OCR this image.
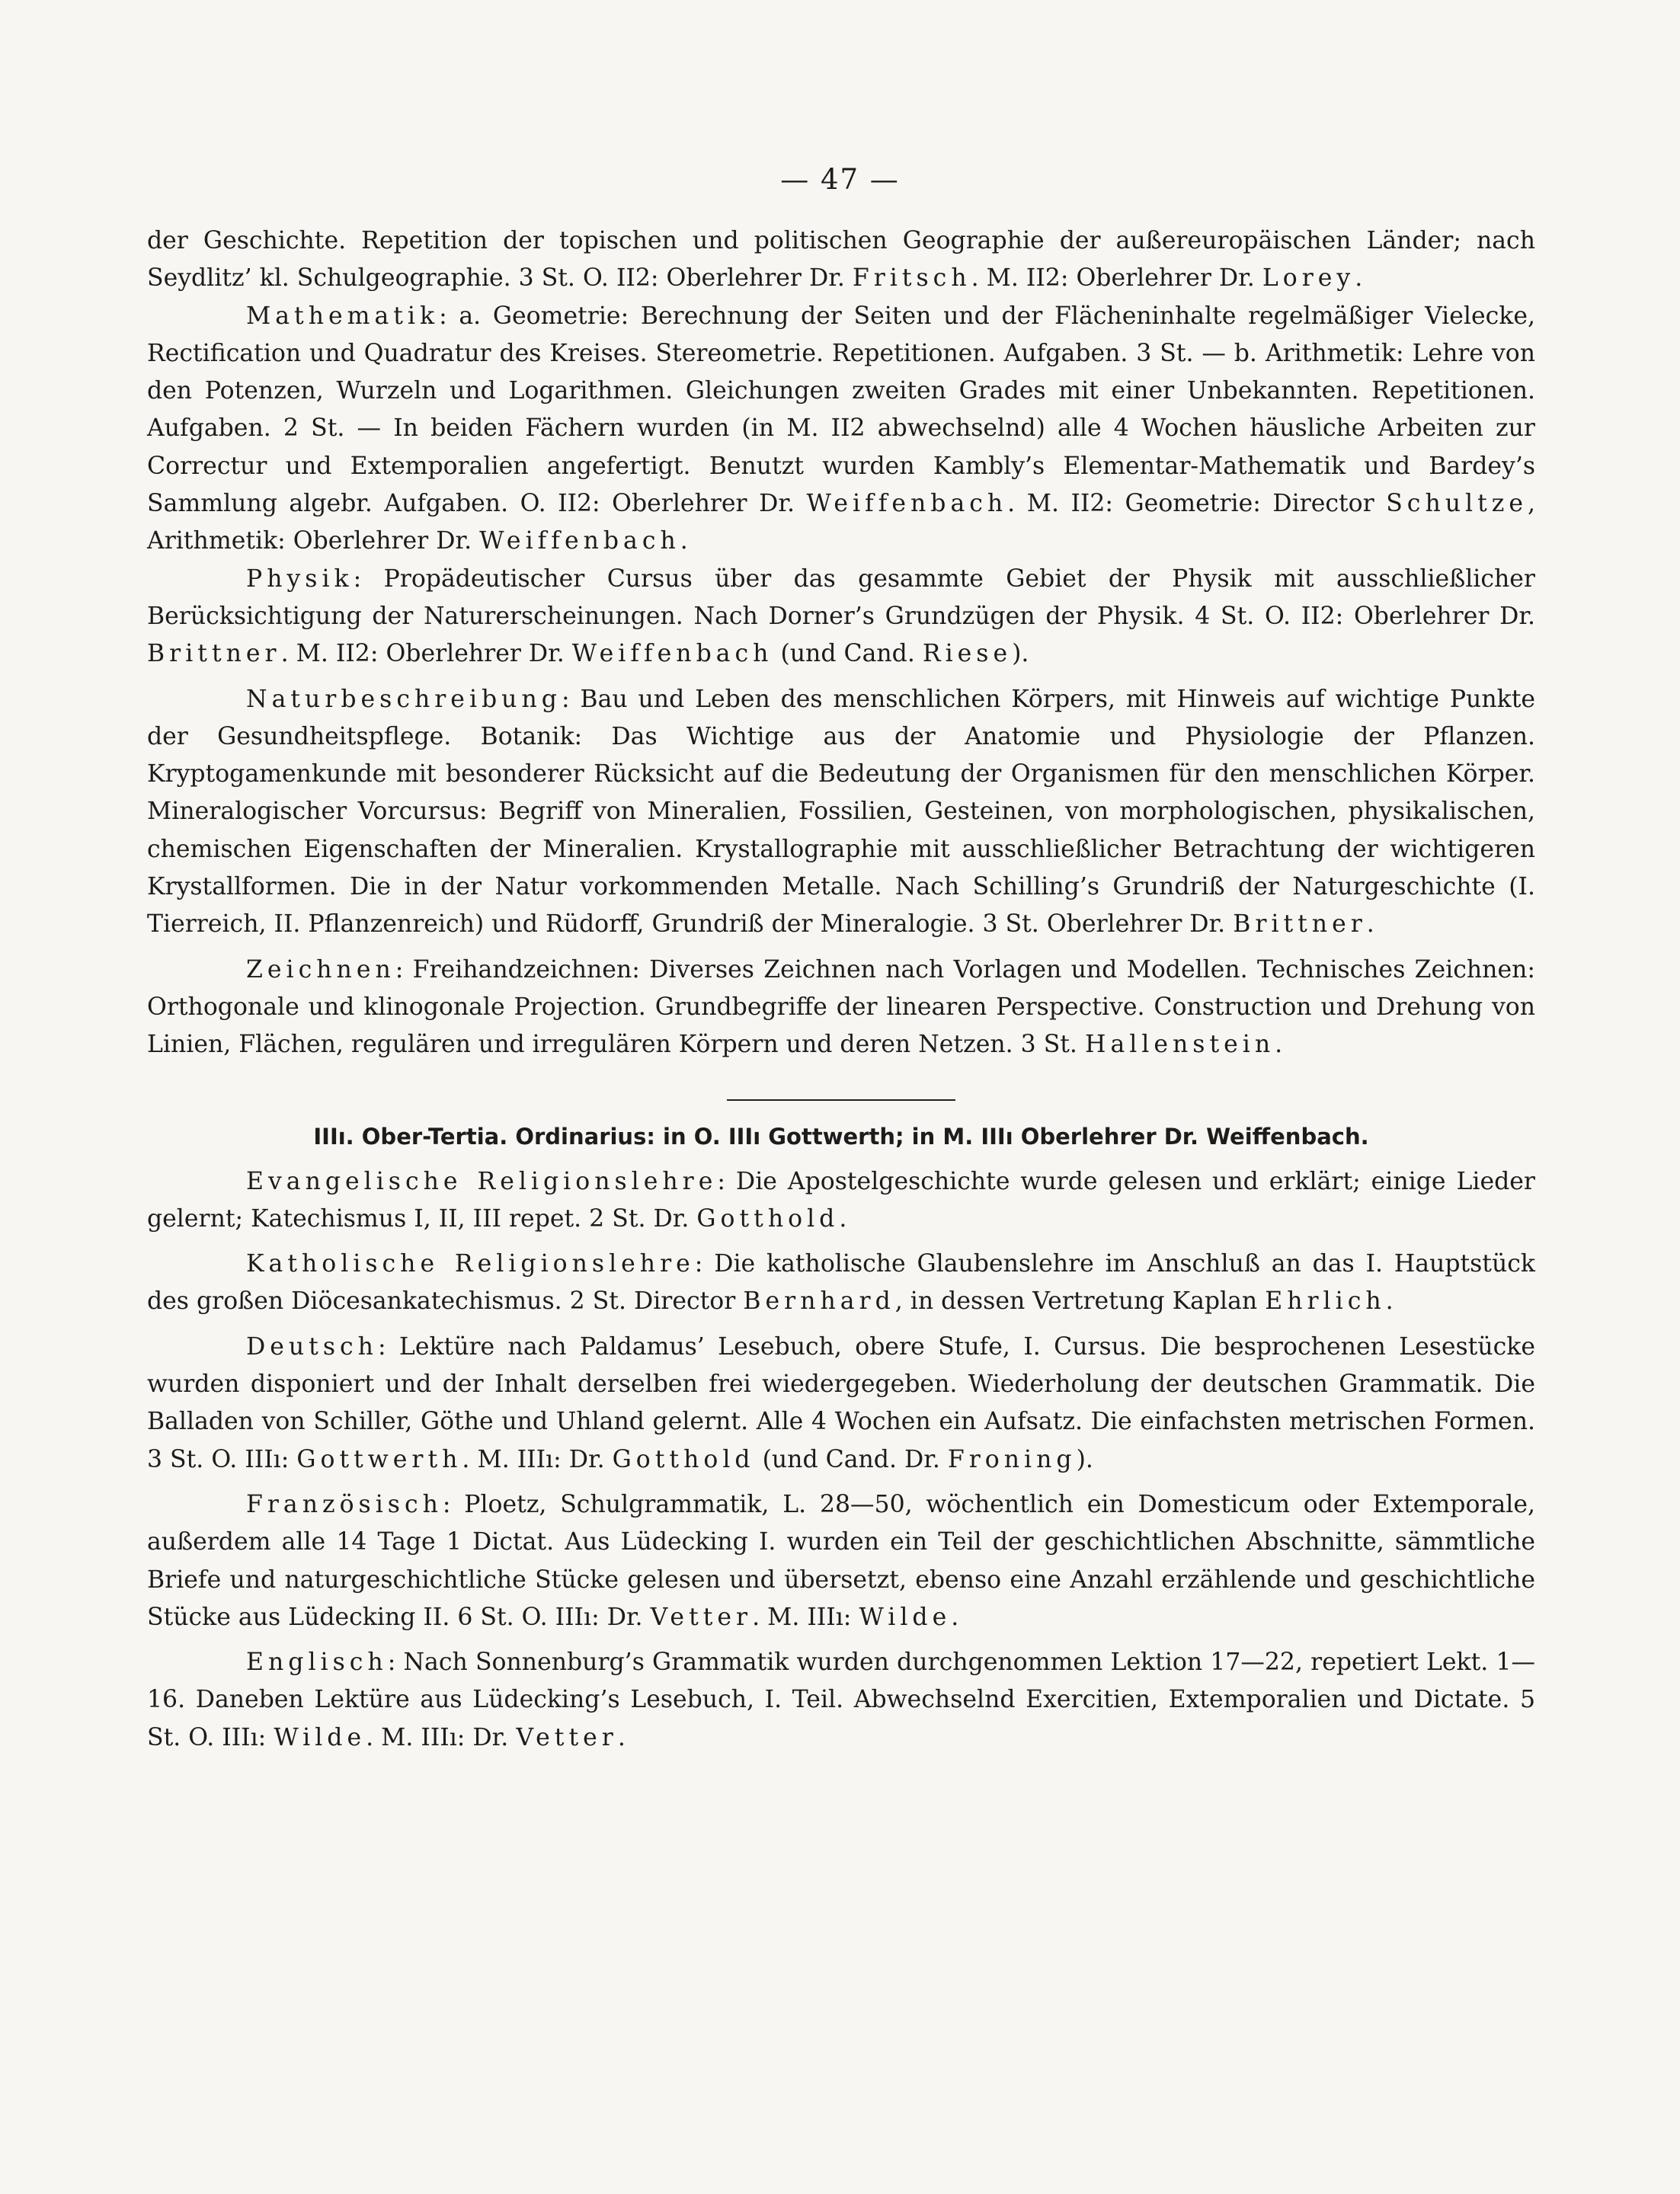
— 47 —

der Geschichte. Repetition der topischen und politischen Geographie der außereuropäischen Länder; nach Seydlitz’ kl. Schulgeographie. 3 St. O. II2: Oberlehrer Dr. Fritsch. M. II2: Oberlehrer Dr. Lorey.

Mathematik: a. Geometrie: Berechnung der Seiten und der Flächeninhalte regelmäßiger Vielecke, Rectification und Quadratur des Kreises. Stereometrie. Repetitionen. Aufgaben. 3 St. — b. Arithmetik: Lehre von den Potenzen, Wurzeln und Logarithmen. Gleichungen zweiten Grades mit einer Unbekannten. Repetitionen. Aufgaben. 2 St. — In beiden Fächern wurden (in M. II2 abwechselnd) alle 4 Wochen häusliche Arbeiten zur Correctur und Extemporalien angefertigt. Benutzt wurden Kambly’s Elementar-Mathematik und Bardey’s Sammlung algebr. Aufgaben. O. II2: Oberlehrer Dr. Weiffenbach. M. II2: Geometrie: Director Schultze, Arithmetik: Oberlehrer Dr. Weiffenbach.

Physik: Propädeutischer Cursus über das gesammte Gebiet der Physik mit ausschließlicher Berücksichtigung der Naturerscheinungen. Nach Dorner’s Grundzügen der Physik. 4 St. O. II2: Oberlehrer Dr. Brittner. M. II2: Oberlehrer Dr. Weiffenbach (und Cand. Riese).

Naturbeschreibung: Bau und Leben des menschlichen Körpers, mit Hinweis auf wichtige Punkte der Gesundheitspflege. Botanik: Das Wichtige aus der Anatomie und Physiologie der Pflanzen. Kryptogamenkunde mit besonderer Rücksicht auf die Bedeutung der Organismen für den menschlichen Körper. Mineralogischer Vorcursus: Begriff von Mineralien, Fossilien, Gesteinen, von morphologischen, physikalischen, chemischen Eigenschaften der Mineralien. Krystallographie mit ausschließlicher Betrachtung der wichtigeren Krystallformen. Die in der Natur vorkommenden Metalle. Nach Schilling’s Grundriß der Naturgeschichte (I. Tierreich, II. Pflanzenreich) und Rüdorff, Grundriß der Mineralogie. 3 St. Oberlehrer Dr. Brittner.

Zeichnen: Freihandzeichnen: Diverses Zeichnen nach Vorlagen und Modellen. Technisches Zeichnen: Orthogonale und klinogonale Projection. Grundbegriffe der linearen Perspective. Construction und Drehung von Linien, Flächen, regulären und irregulären Körpern und deren Netzen. 3 St. Hallenstein.

IIIı. Ober-Tertia. Ordinarius: in O. IIIı Gottwerth; in M. IIIı Oberlehrer Dr. Weiffenbach.

Evangelische Religionslehre: Die Apostelgeschichte wurde gelesen und erklärt; einige Lieder gelernt; Katechismus I, II, III repet. 2 St. Dr. Gotthold.

Katholische Religionslehre: Die katholische Glaubenslehre im Anschluß an das I. Hauptstück des großen Diöcesankatechismus. 2 St. Director Bernhard, in dessen Vertretung Kaplan Ehrlich.

Deutsch: Lektüre nach Paldamus’ Lesebuch, obere Stufe, I. Cursus. Die besprochenen Lesestücke wurden disponiert und der Inhalt derselben frei wiedergegeben. Wiederholung der deutschen Grammatik. Die Balladen von Schiller, Göthe und Uhland gelernt. Alle 4 Wochen ein Aufsatz. Die einfachsten metrischen Formen. 3 St. O. IIIı: Gottwerth. M. IIIı: Dr. Gotthold (und Cand. Dr. Froning).

Französisch: Ploetz, Schulgrammatik, L. 28—50, wöchentlich ein Domesticum oder Extemporale, außerdem alle 14 Tage 1 Dictat. Aus Lüdecking I. wurden ein Teil der geschichtlichen Abschnitte, sämmtliche Briefe und naturgeschichtliche Stücke gelesen und übersetzt, ebenso eine Anzahl erzählende und geschichtliche Stücke aus Lüdecking II. 6 St. O. IIIı: Dr. Vetter. M. IIIı: Wilde.

Englisch: Nach Sonnenburg’s Grammatik wurden durchgenommen Lektion 17—22, repetiert Lekt. 1—16. Daneben Lektüre aus Lüdecking’s Lesebuch, I. Teil. Abwechselnd Exercitien, Extemporalien und Dictate. 5 St. O. IIIı: Wilde. M. IIIı: Dr. Vetter.
